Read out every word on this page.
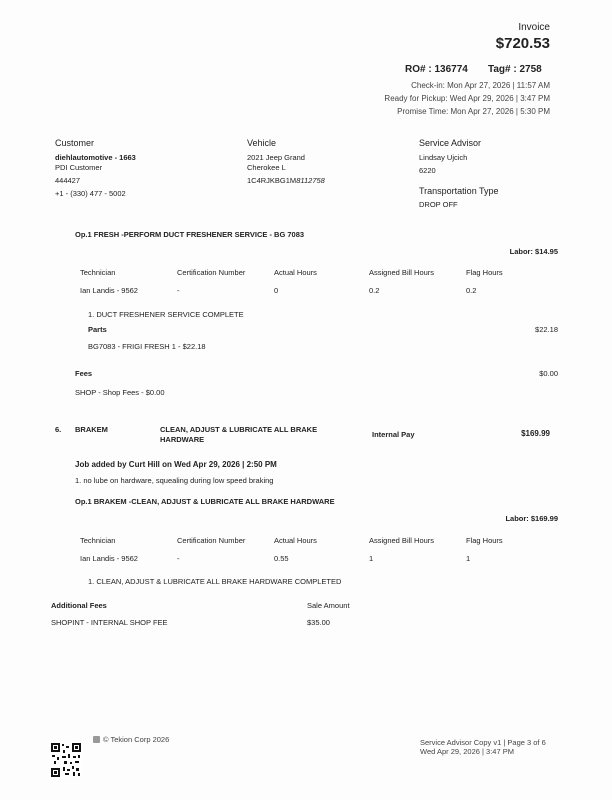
Invoice
$720.53
RO# : 136774 Tag# : 2758
Check-in: Mon Apr 27, 2026 | 11:57 AM
Ready for Pickup: Wed Apr 29, 2026 | 3:47 PM
Promise Time: Mon Apr 27, 2026 | 5:30 PM
Customer
diehlautomotive - 1663
PDI Customer
444427
+1 - (330) 477 - 5002
Vehicle
2021 Jeep Grand
Cherokee L
1C4RJKBG1M8112758
Service Advisor
Lindsay Ujcich
6220
Transportation Type
DROP OFF
Op.1 FRESH -PERFORM DUCT FRESHENER SERVICE - BG 7083
Labor: $14.95
Technician	Certification Number	Actual Hours	Assigned Bill Hours	Flag Hours
Ian Landis - 9562	-	0	0.2	0.2
1. DUCT FRESHENER SERVICE COMPLETE
Parts	$22.18
BG7083 - FRIGI FRESH 1 - $22.18
Fees	$0.00
SHOP - Shop Fees - $0.00
6. BRAKEM	CLEAN, ADJUST & LUBRICATE ALL BRAKE
HARDWARE
Internal Pay	$169.99
Job added by Curt Hill on Wed Apr 29, 2026 | 2:50 PM
1. no lube on hardware, squealing during low speed braking
Op.1 BRAKEM -CLEAN, ADJUST & LUBRICATE ALL BRAKE HARDWARE
Labor: $169.99
Technician	Certification Number	Actual Hours	Assigned Bill Hours	Flag Hours
Ian Landis - 9562	-	0.55	1	1
1. CLEAN, ADJUST & LUBRICATE ALL BRAKE HARDWARE COMPLETED
Additional Fees	Sale Amount
SHOPINT - INTERNAL SHOP FEE	$35.00
© Tekion Corp 2026	Service Advisor Copy v1 | Page 3 of 6
Wed Apr 29, 2026 | 3:47 PM
